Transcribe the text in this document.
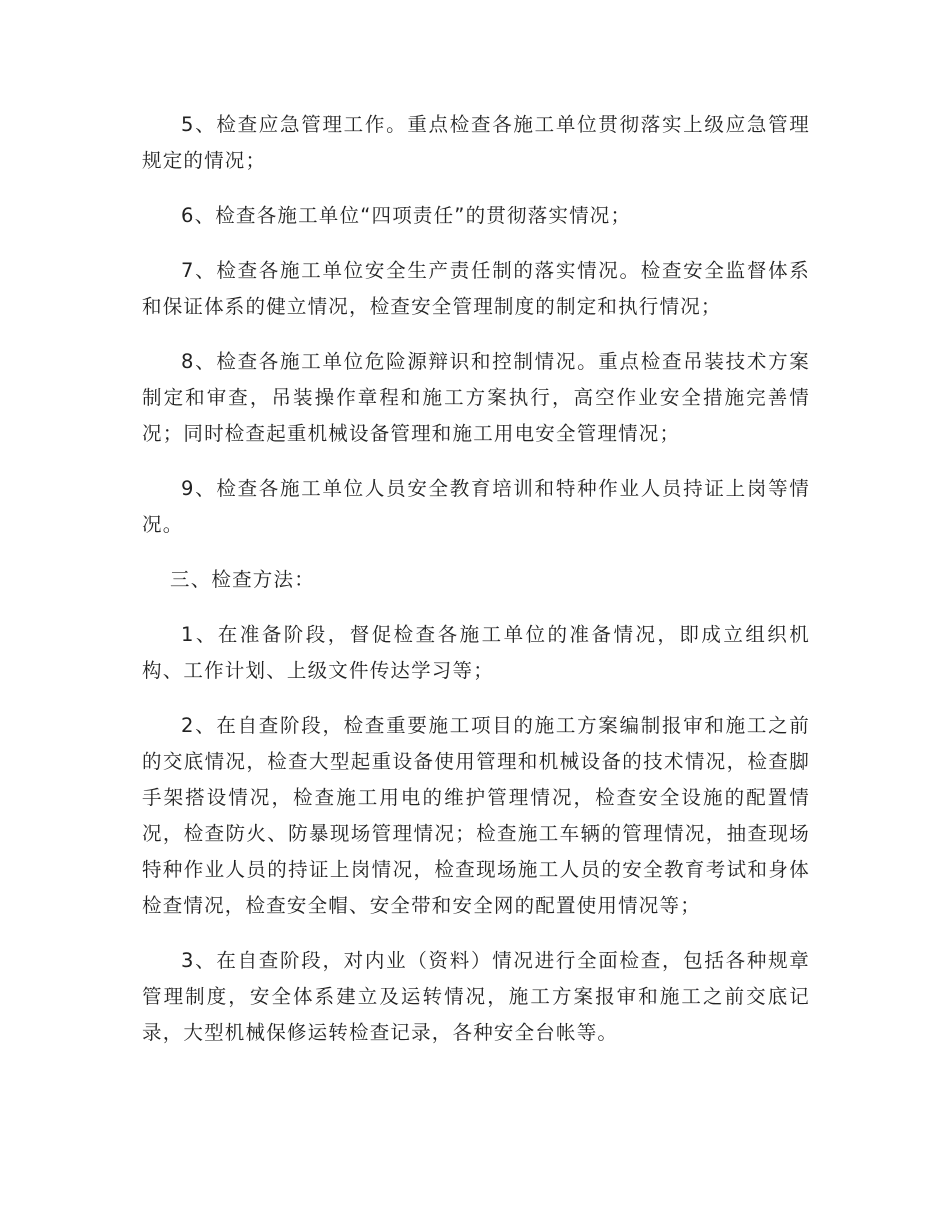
5、检查应急管理工作。重点检查各施工单位贯彻落实上级应急管理规定的情况；

6、检查各施工单位“四项责任”的贯彻落实情况；

7、检查各施工单位安全生产责任制的落实情况。检查安全监督体系和保证体系的健立情况，检查安全管理制度的制定和执行情况；

8、检查各施工单位危险源辩识和控制情况。重点检查吊装技术方案制定和审查，吊装操作章程和施工方案执行，高空作业安全措施完善情况；同时检查起重机械设备管理和施工用电安全管理情况；

9、检查各施工单位人员安全教育培训和特种作业人员持证上岗等情况。

三、检查方法：

1、在准备阶段，督促检查各施工单位的准备情况，即成立组织机构、工作计划、上级文件传达学习等；

2、在自查阶段，检查重要施工项目的施工方案编制报审和施工之前的交底情况，检查大型起重设备使用管理和机械设备的技术情况，检查脚手架搭设情况，检查施工用电的维护管理情况，检查安全设施的配置情况，检查防火、防暴现场管理情况；检查施工车辆的管理情况，抽查现场特种作业人员的持证上岗情况，检查现场施工人员的安全教育考试和身体检查情况，检查安全帽、安全带和安全网的配置使用情况等；

3、在自查阶段，对内业（资料）情况进行全面检查，包括各种规章管理制度，安全体系建立及运转情况，施工方案报审和施工之前交底记录，大型机械保修运转检查记录，各种安全台帐等。
